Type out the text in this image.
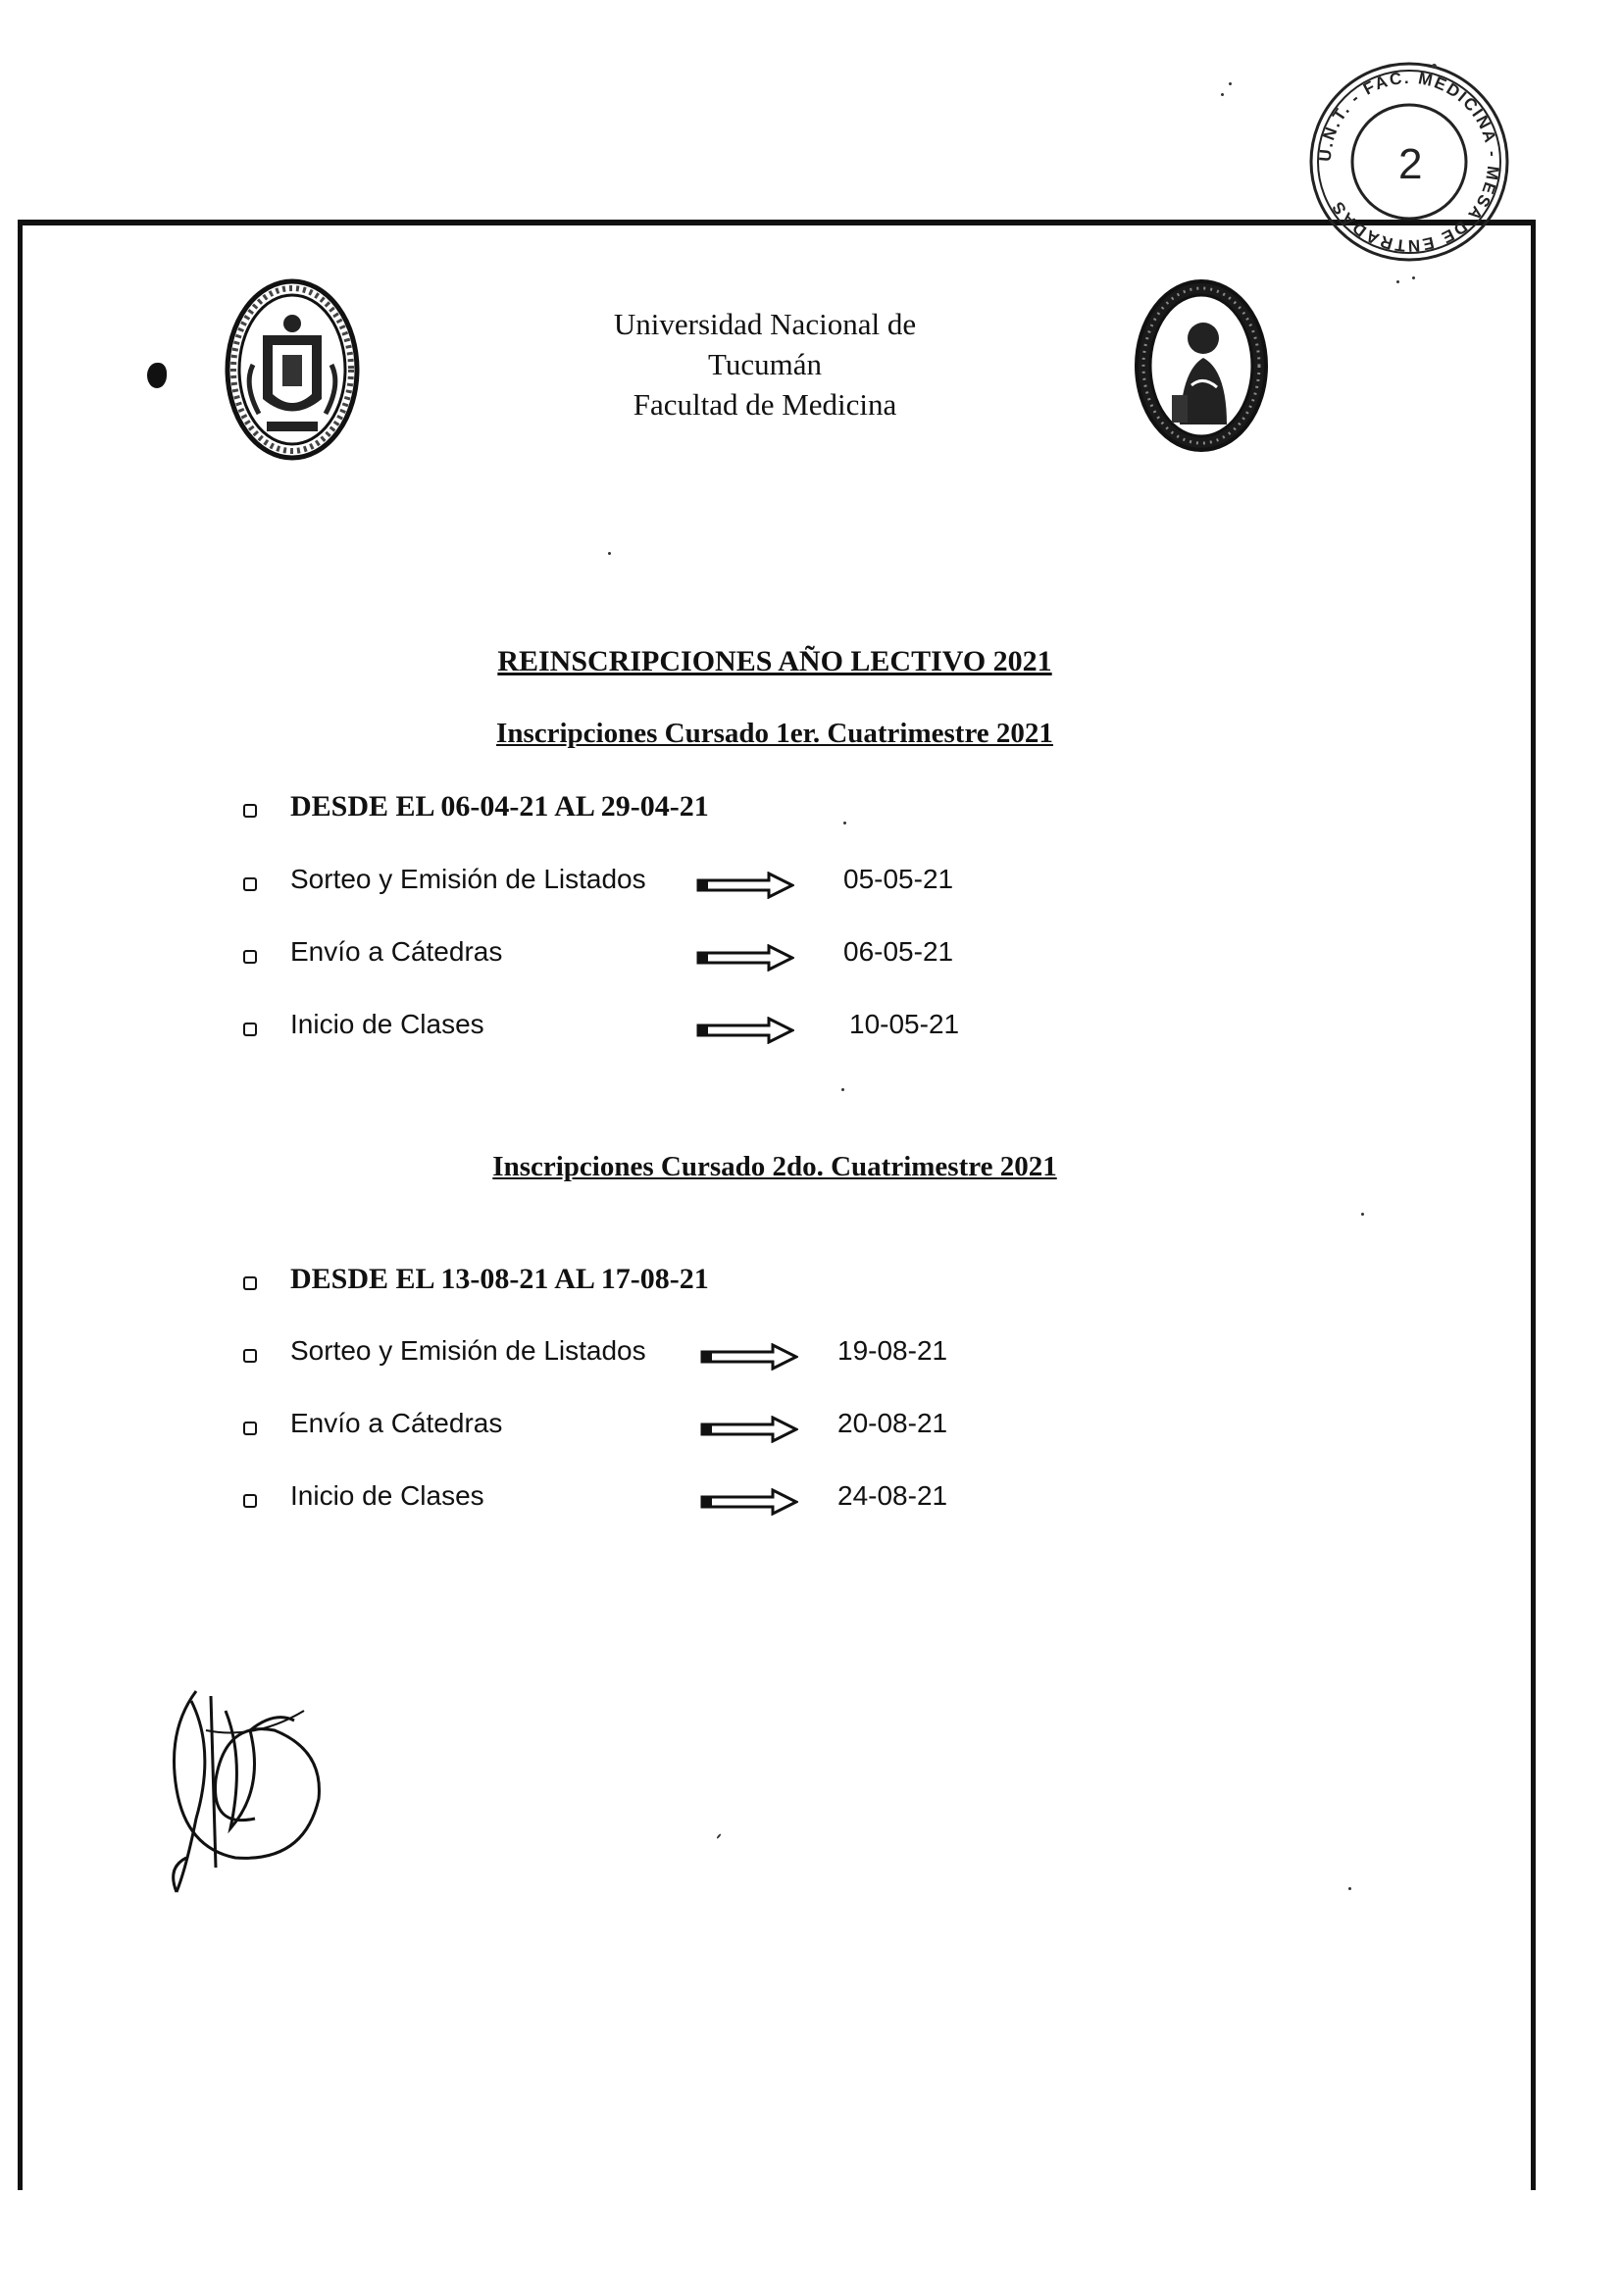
Universidad Nacional de
Tucumán
Facultad de Medicina
U.N.T. - FAC. MEDICINA - MESA DE ENTRADAS
2
REINSCRIPCIONES AÑO LECTIVO 2021
Inscripciones Cursado 1er. Cuatrimestre 2021
DESDE EL 06-04-21 AL 29-04-21
Sorteo y Emisión de Listados	05-05-21
Envío a Cátedras	06-05-21
Inicio de Clases	10-05-21
Inscripciones Cursado 2do. Cuatrimestre 2021
DESDE EL 13-08-21 AL 17-08-21
Sorteo y Emisión de Listados	19-08-21
Envío a Cátedras	20-08-21
Inicio de Clases	24-08-21
